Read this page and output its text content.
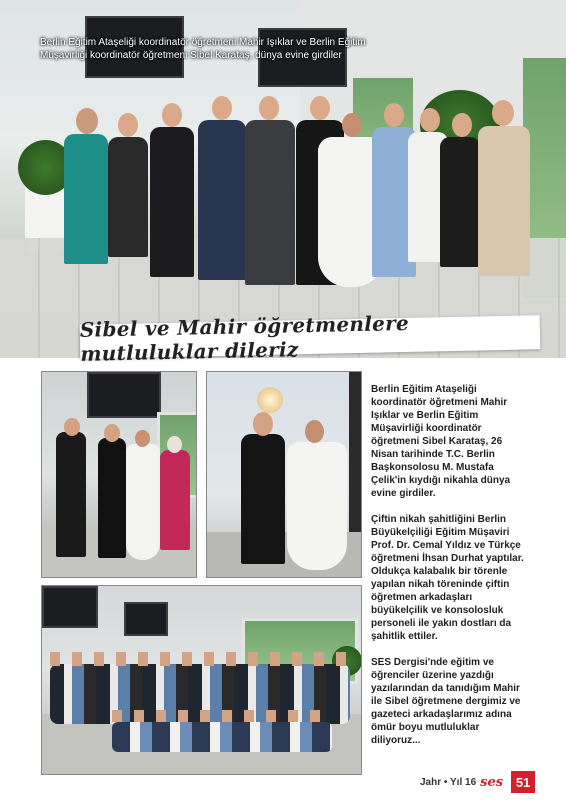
Berlin Eğitim Ataşeliği koordinatör öğretmeni Mahir Işıklar ve Berlin Eğitim Müşavirliği koordinatör öğretmeni Sibel Karataş, dünya evine girdiler
Sibel ve Mahir öğretmenlere mutluluklar dileriz

Berlin Eğitim Ataşeliği koordinatör öğretmeni Mahir Işıklar ve Berlin Eğitim Müşavirliği koordinatör öğretmeni Sibel Karataş, 26 Nisan tarihinde T.C. Berlin Başkonsolosu M. Mustafa Çelik'in kıydığı nikahla dünya evine girdiler.

Çiftin nikah şahitliğini Berlin Büyükelçiliği Eğitim Müşaviri Prof. Dr. Cemal Yıldız ve Türkçe öğretmeni İhsan Durhat yaptılar. Oldukça kalabalık bir törenle yapılan nikah töreninde çiftin öğretmen arkadaşları büyükelçilik ve konsolosluk personeli ile yakın dostları da şahitlik ettiler.

SES Dergisi'nde eğitim ve öğrenciler üzerine yazdığı yazılarından da tanıdığım Mahir ile Sibel öğretmene dergimiz ve gazeteci arkadaşlarımız adına ömür boyu mutluluklar diliyoruz...

Jahr • Yıl 16 ses 51
